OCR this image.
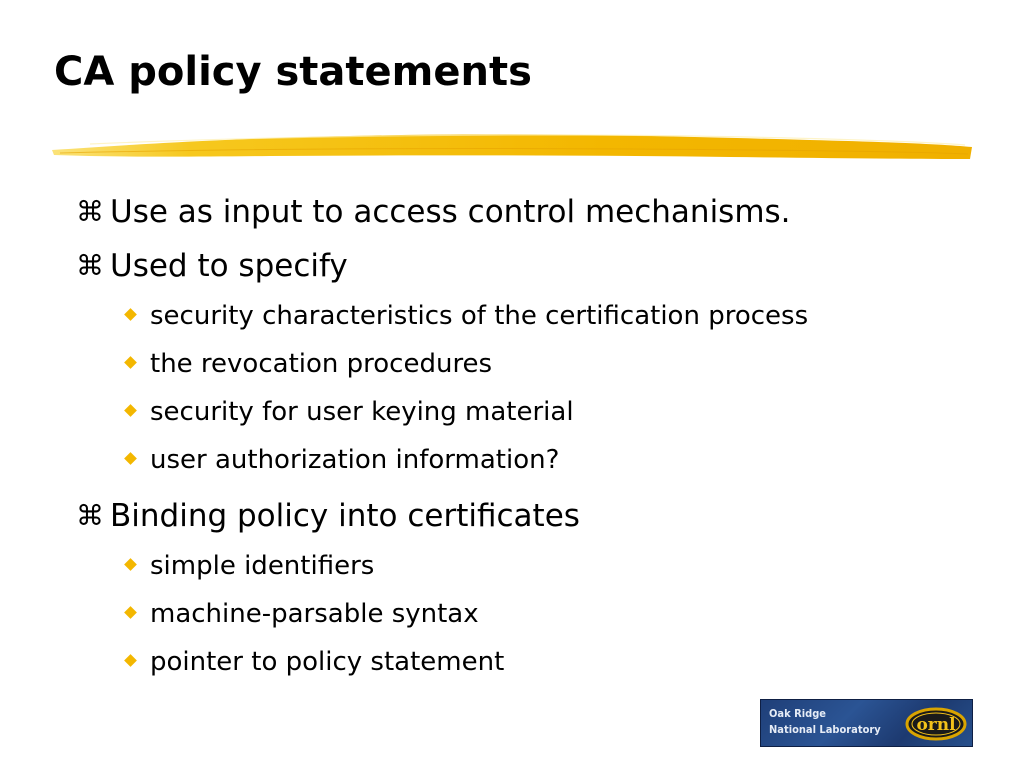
CA policy statements
⌘ Use as input to access control mechanisms.
⌘ Used to specify
security characteristics of the certification process
the revocation procedures
security for user keying material
user authorization information?
⌘ Binding policy into certificates
simple identifiers
machine-parsable syntax
pointer to policy statement
Oak Ridge
National Laboratory ornl
